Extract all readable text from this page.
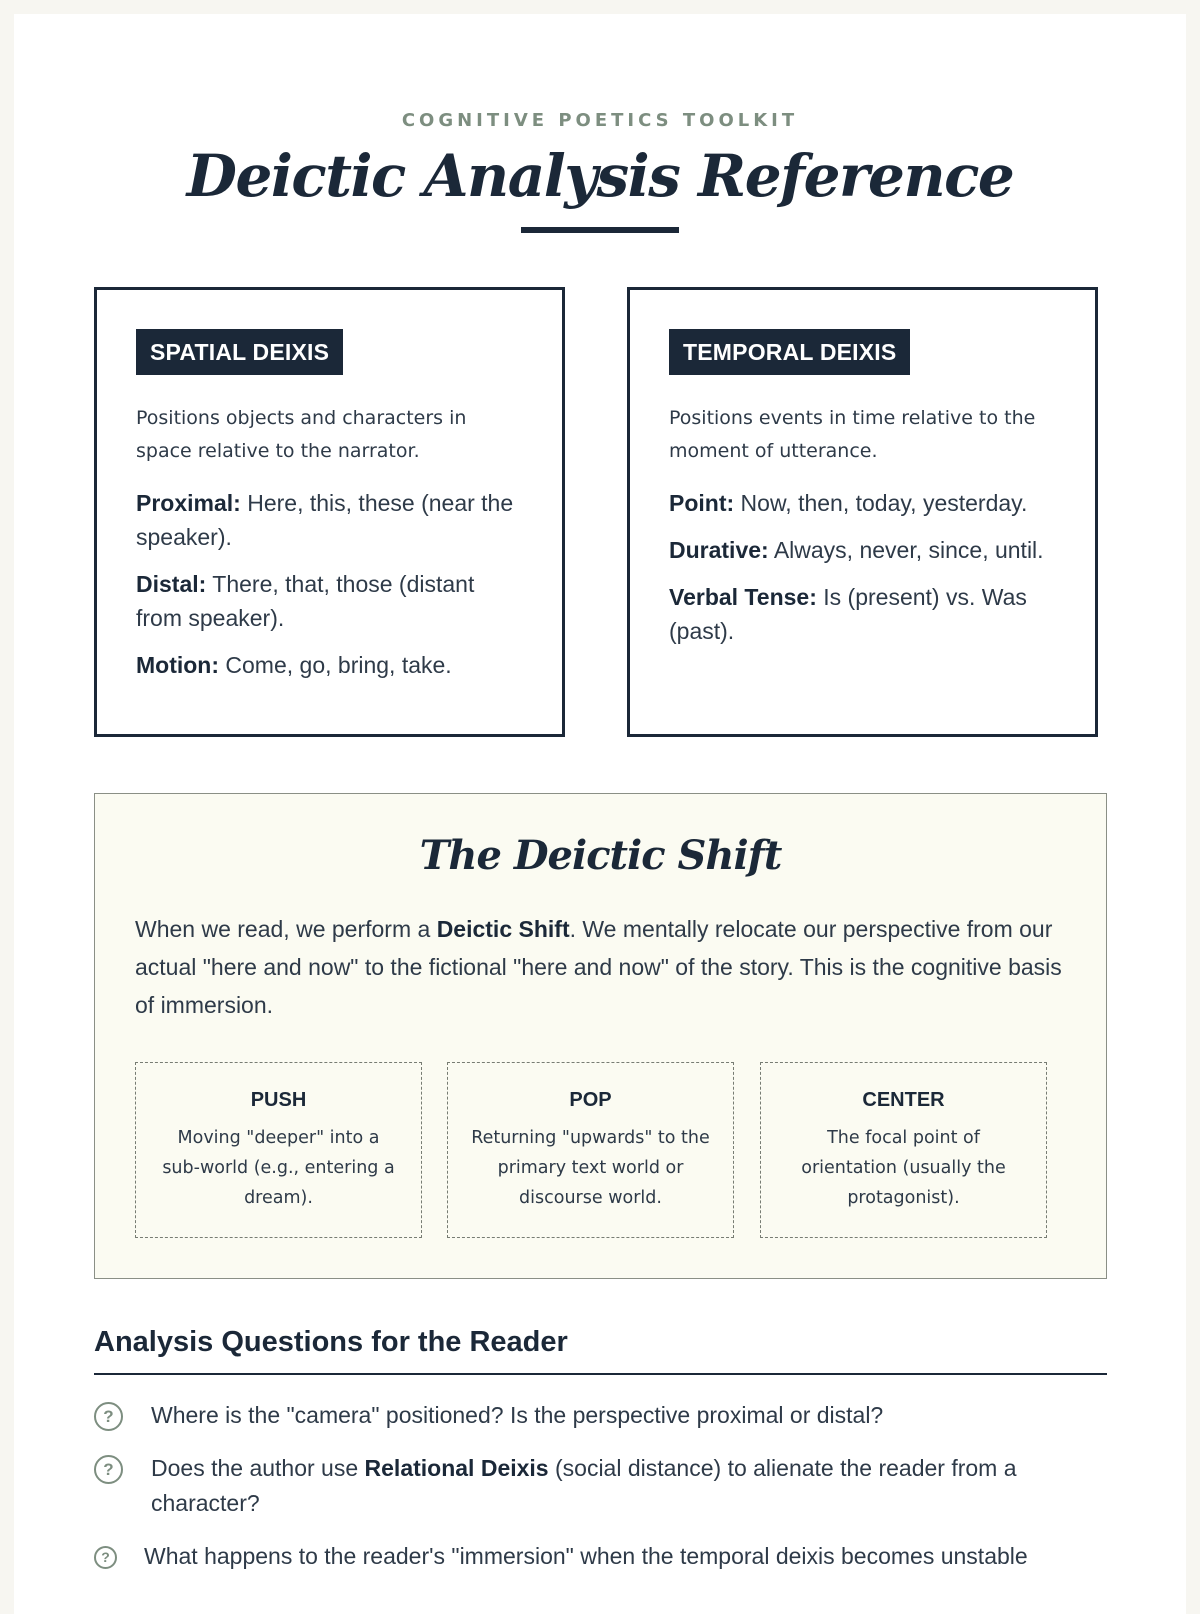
COGNITIVE POETICS TOOLKIT
Deictic Analysis Reference
SPATIAL DEIXIS

Positions objects and characters in space relative to the narrator.

Proximal: Here, this, these (near the speaker).
Distal: There, that, those (distant from speaker).
Motion: Come, go, bring, take.
TEMPORAL DEIXIS

Positions events in time relative to the moment of utterance.

Point: Now, then, today, yesterday.
Durative: Always, never, since, until.
Verbal Tense: Is (present) vs. Was (past).
The Deictic Shift

When we read, we perform a Deictic Shift. We mentally relocate our perspective from our actual "here and now" to the fictional "here and now" of the story. This is the cognitive basis of immersion.

PUSH
Moving "deeper" into a sub-world (e.g., entering a dream).
POP
Returning "upwards" to the primary text world or discourse world.
CENTER
The focal point of orientation (usually the protagonist).
Analysis Questions for the Reader
?	Where is the "camera" positioned? Is the perspective proximal or distal?
?	Does the author use Relational Deixis (social distance) to alienate the reader from a character?
?	What happens to the reader's "immersion" when the temporal deixis becomes unstable
